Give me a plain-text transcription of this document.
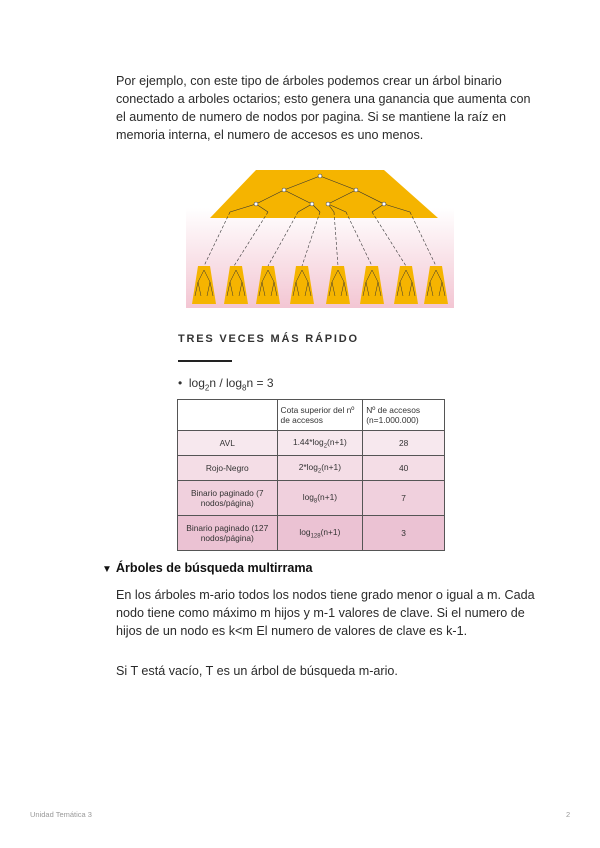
Por ejemplo, con este tipo de árboles podemos crear un árbol binario conectado a arboles octarios; esto genera una ganancia que aumenta con el aumento de numero de nodos por pagina. Si se mantiene la raíz en memoria interna, el numero de accesos es uno menos.

TRES VECES MÁS RÁPIDO
•  $\log_2n / \log_8n = 3$
	Cota superior del nº de accesos	Nº de accesos (n=1.000.000)
AVL	$1.44*\log_2(n+1)$	28
Rojo-Negro	$2*\log_2(n+1)$	40
Binario paginado (7 nodos/página)	$\log_8(n+1)$	7
Binario paginado (127 nodos/página)	$\log_{128}(n+1)$	3
▼ Árboles de búsqueda multirrama

En los árboles m-ario todos los nodos tiene grado menor o igual a m. Cada nodo tiene como máximo m hijos y m-1 valores de clave. Si el numero de hijos de un nodo es k<m El numero de valores de clave es k-1.

Si T está vacío, T es un árbol de búsqueda m-ario.

Unidad Temática 3	2
